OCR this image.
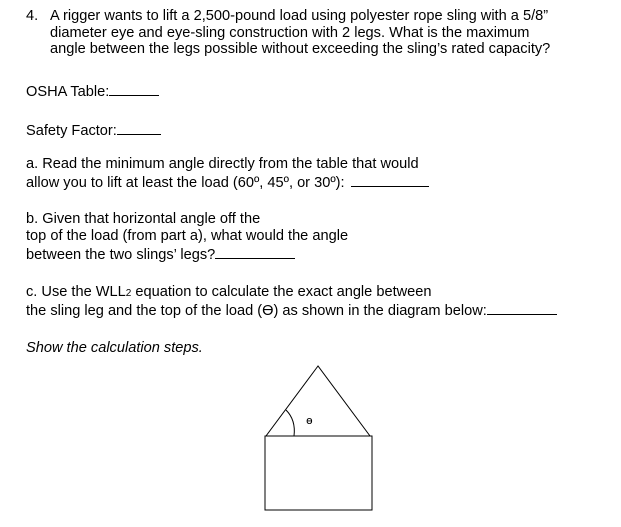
4. A rigger wants to lift a 2,500-pound load using polyester rope sling with a 5/8”
diameter eye and eye-sling construction with 2 legs. What is the maximum
angle between the legs possible without exceeding the sling’s rated capacity?
OSHA Table:
Safety Factor:
a. Read the minimum angle directly from the table that would
allow you to lift at least the load (60º, 45º, or 30º):
b. Given that horizontal angle off the
top of the load (from part a), what would the angle
between the two slings’ legs?
c. Use the WLL2 equation to calculate the exact angle between
the sling leg and the top of the load (Ɵ) as shown in the diagram below:
Show the calculation steps.
ɵ
